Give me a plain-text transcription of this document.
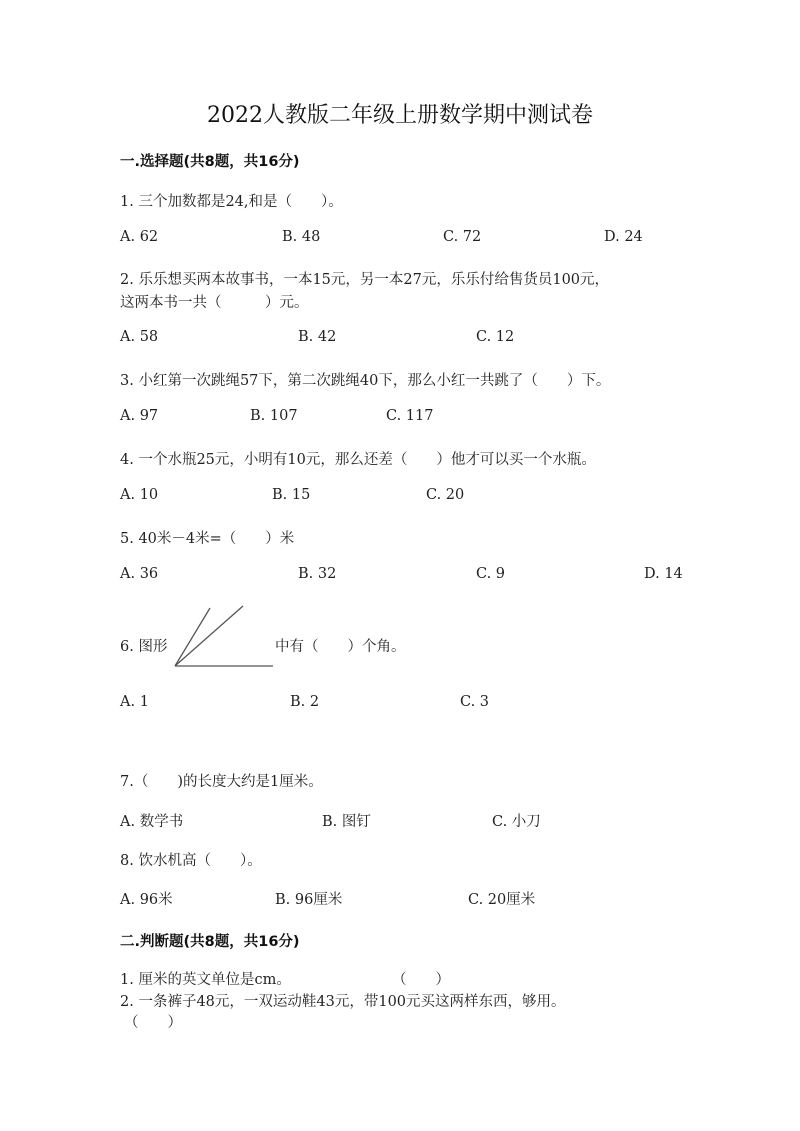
2022人教版二年级上册数学期中测试卷
一.选择题(共8题，共16分)
1. 三个加数都是24,和是（　　）。
A. 62	B. 48	C. 72	D. 24
2. 乐乐想买两本故事书，一本15元，另一本27元，乐乐付给售货员100元，
这两本书一共（　　　）元。
A. 58	B. 42	C. 12
3. 小红第一次跳绳57下，第二次跳绳40下，那么小红一共跳了（　　）下。
A. 97	B. 107	C. 117
4. 一个水瓶25元，小明有10元，那么还差（　　）他才可以买一个水瓶。
A. 10	B. 15	C. 20
5. 40米－4米=（　　）米
A. 36	B. 32	C. 9	D. 14
6. 图形	中有（　　）个角。
A. 1	B. 2	C. 3
7.（　　)的长度大约是1厘米。
A. 数学书	B. 图钉	C. 小刀
8. 饮水机高（　　）。
A. 96米	B. 96厘米	C. 20厘米
二.判断题(共8题，共16分)
1. 厘米的英文单位是cm。	（　　）
2. 一条裤子48元，一双运动鞋43元，带100元买这两样东西，够用。
（　　）
